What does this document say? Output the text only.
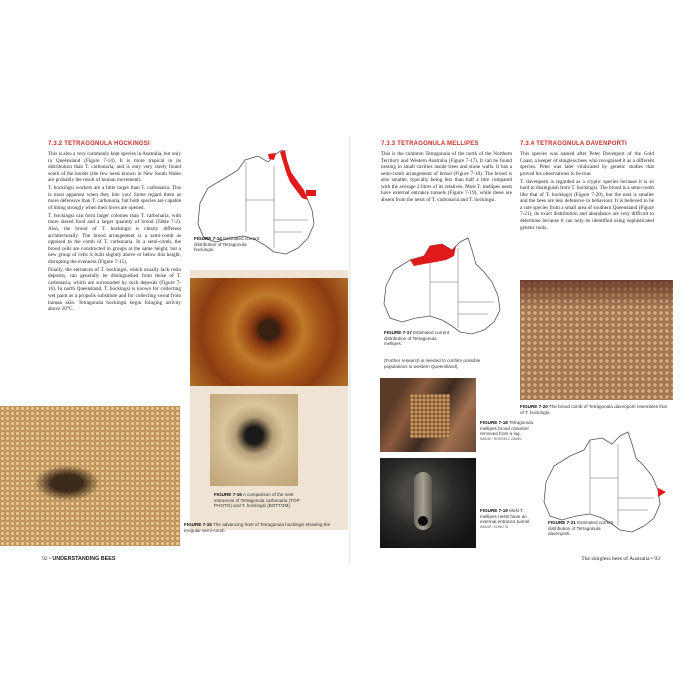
7.3.2 TETRAGONULA HOCKINGSI

This is also a very commonly kept species in Australia, but only in Queensland (Figure 7-14). It is more tropical in its distribution than T. carbonaria, and is only very rarely found south of the border (the few nests known in New South Wales are probably the result of human movement).

T. hockingsi workers are a little larger than T. carbonaria. This is most apparent when they bite you! Some regard them as more defensive than T. carbonaria, but both species are capable of biting strongly when their hives are opened.

T. hockingsi can form larger colonies than T. carbonaria, with more stored food and a larger quantity of brood (Table 7-2). Also, the brood of T. hockingsi is clearly different architecturally. The brood arrangement is a semi-comb as opposed to the comb of T. carbonaria. In a semi-comb, the brood cells are constructed in groups at the same height, but a new group of cells is built slightly above or below this height, disrupting the evenness (Figure 7-15).

Finally, the entrances of T. hockingsi, which usually lack resin deposits, can generally be distinguished from those of T. carbonaria, which are surrounded by such deposits (Figure 7-16). In north Queensland, T. hockingsi is known for collecting wet paint as a propolis substitute and for collecting sweat from human skin. Tetragonula hockingsi begin foraging activity above 20°C.

FIGURE 7-14 Estimated current distribution of Tetragonula hockingsi.
FIGURE 7-16 A comparison of the nest entrances of Tetragonula carbonaria (TOP PHOTO) and T. hockingsi (BOTTOM).
FIGURE 7-15 The advancing front of Tetragonula hockingsi showing the irregular semi-comb.
92 • UNDERSTANDING BEES
7.3.3 TETRAGONULA MELLIPES
This is the common Tetragonula of the north of the Northern Territory and Western Australia (Figure 7-17). It can be found nesting in small cavities inside trees and stone walls. It has a semi-comb arrangement of brood (Figure 7-18). The brood is also smaller, typically being less than half a litre compared with the average 2 litres of its relatives. Most T. mellipes nests have external entrance tunnels (Figure 7-19), while these are absent from the nests of T. carbonaria and T. hockingsi.
FIGURE 7-17 Estimated current distribution of Tetragonula mellipes.
(Further research is needed to confirm possible populations in western Queensland).
FIGURE 7-18 Tetragonula mellipes brood chamber removed from a log.
IMAGE: RUSSELL ZABEL
FIGURE 7-19 Most T. mellipes nests have an external entrance tunnel.
IMAGE: KUNG SI
7.3.4 TETRAGONULA DAVENPORTI

This species was named after Peter Davenport of the Gold Coast, a keeper of stingless bees who recognised it as a different species. Peter was later vindicated by genetic studies that proved his observations to be true.

T. davenporti is regarded as a cryptic species because it is so hard to distinguish from T. hockingsi. The brood is a semi-comb like that of T. hockingsi (Figure 7-20), but the nest is smaller and the bees are less defensive in behaviour. It is believed to be a rare species from a small area of southern Queensland (Figure 7-21), its exact distribution and abundance are very difficult to determine because it can only be identified using sophisticated genetic tools.

FIGURE 7-20 The brood comb of Tetragonula davenporti resembles that of T. hockingsi.
FIGURE 7-21 Estimated current distribution of Tetragonula davenporti.
The stingless bees of Australia • 93
